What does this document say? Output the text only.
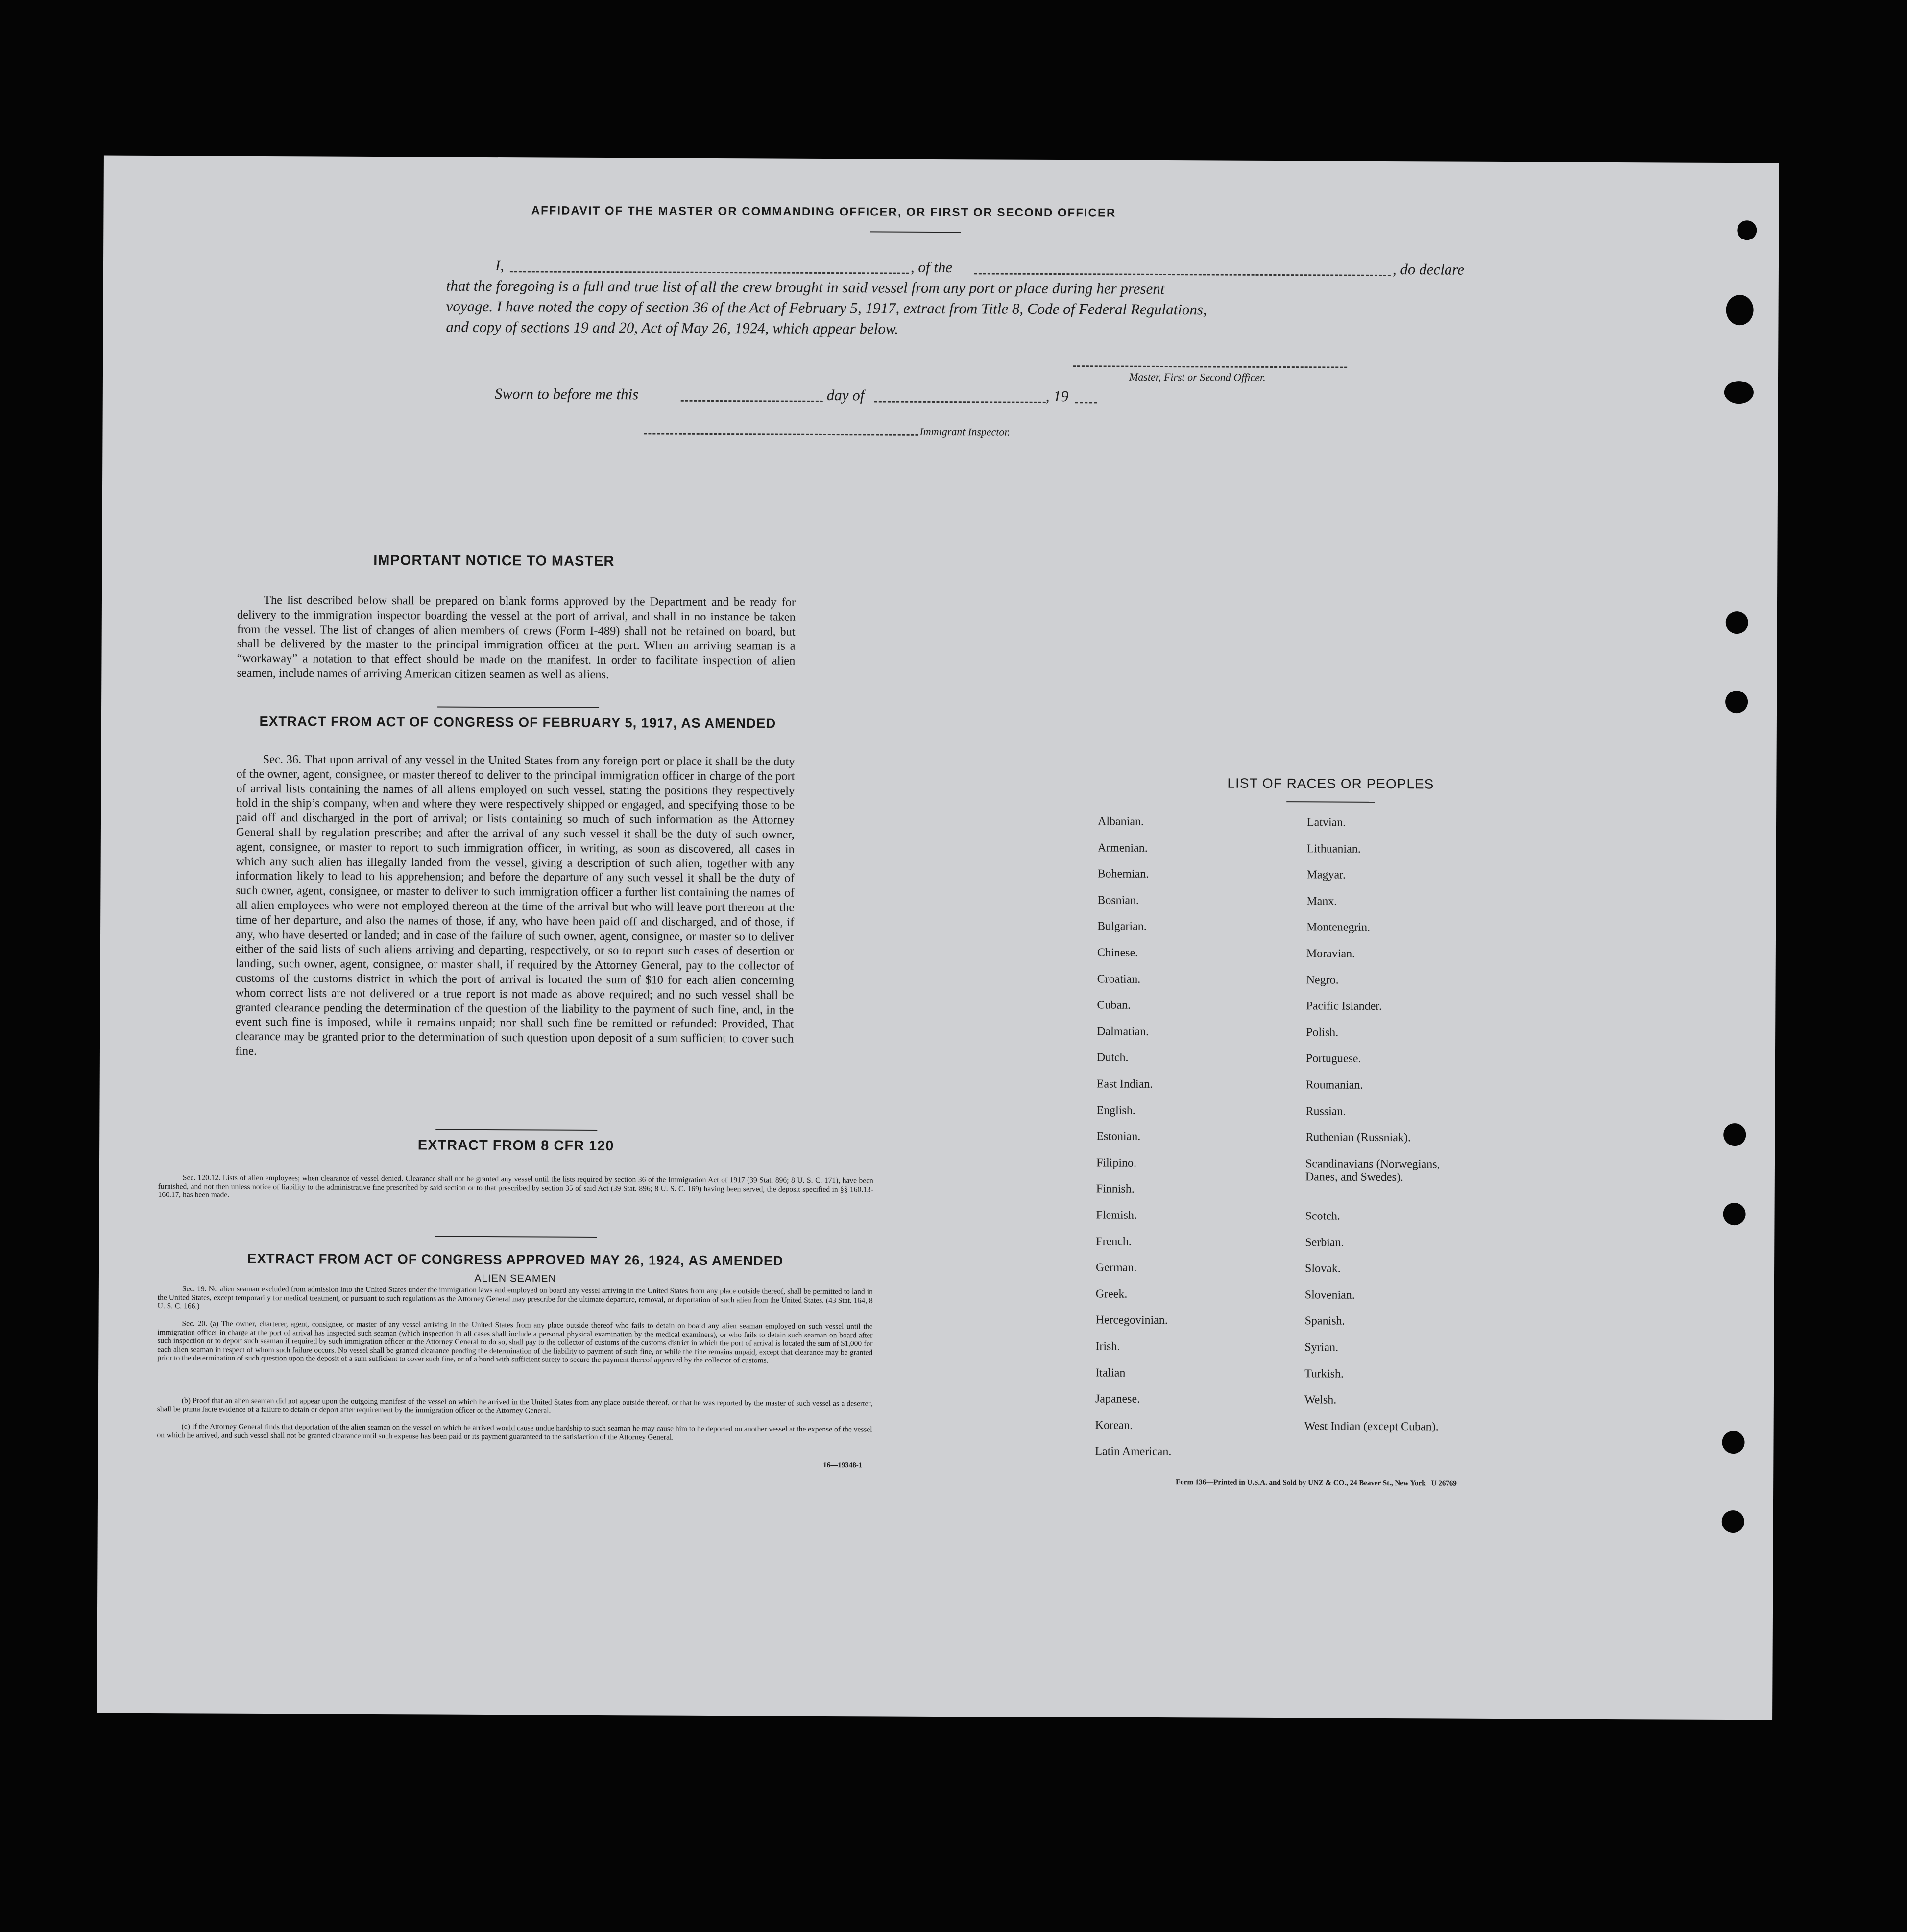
AFFIDAVIT OF THE MASTER OR COMMANDING OFFICER, OR FIRST OR SECOND OFFICER
I,	, of the	, do declare
that the foregoing is a full and true list of all the crew brought in said vessel from any port or place during her present
voyage. I have noted the copy of section 36 of the Act of February 5, 1917, extract from Title 8, Code of Federal Regulations,
and copy of sections 19 and 20, Act of May 26, 1924, which appear below.
Master, First or Second Officer.
Sworn to before me this	day of	, 19
Immigrant Inspector.
IMPORTANT NOTICE TO MASTER
The list described below shall be prepared on blank forms approved by the Department and be ready for delivery to the immigration inspector boarding the vessel at the port of arrival, and shall in no instance be taken from the vessel. The list of changes of alien members of crews (Form I-489) shall not be retained on board, but shall be delivered by the master to the principal immigration officer at the port. When an arriving seaman is a “workaway” a notation to that effect should be made on the manifest. In order to facilitate inspection of alien seamen, include names of arriving American citizen seamen as well as aliens.
EXTRACT FROM ACT OF CONGRESS OF FEBRUARY 5, 1917, AS AMENDED
Sec. 36. That upon arrival of any vessel in the United States from any foreign port or place it shall be the duty of the owner, agent, consignee, or master thereof to deliver to the principal immigration officer in charge of the port of arrival lists containing the names of all aliens employed on such vessel, stating the positions they respectively hold in the ship’s company, when and where they were respectively shipped or engaged, and specifying those to be paid off and discharged in the port of arrival; or lists containing so much of such information as the Attorney General shall by regulation prescribe; and after the arrival of any such vessel it shall be the duty of such owner, agent, consignee, or master to report to such immigration officer, in writing, as soon as discovered, all cases in which any such alien has illegally landed from the vessel, giving a description of such alien, together with any information likely to lead to his apprehension; and before the departure of any such vessel it shall be the duty of such owner, agent, consignee, or master to deliver to such immigration officer a further list containing the names of all alien employees who were not employed thereon at the time of the arrival but who will leave port thereon at the time of her departure, and also the names of those, if any, who have been paid off and discharged, and of those, if any, who have deserted or landed; and in case of the failure of such owner, agent, consignee, or master so to deliver either of the said lists of such aliens arriving and departing, respectively, or so to report such cases of desertion or landing, such owner, agent, consignee, or master shall, if required by the Attorney General, pay to the collector of customs of the customs district in which the port of arrival is located the sum of $10 for each alien concerning whom correct lists are not delivered or a true report is not made as above required; and no such vessel shall be granted clearance pending the determination of the question of the liability to the payment of such fine, and, in the event such fine is imposed, while it remains unpaid; nor shall such fine be remitted or refunded: Provided, That clearance may be granted prior to the determination of such question upon deposit of a sum sufficient to cover such fine.
EXTRACT FROM 8 CFR 120
Sec. 120.12. Lists of alien employees; when clearance of vessel denied. Clearance shall not be granted any vessel until the lists required by section 36 of the Immigration Act of 1917 (39 Stat. 896; 8 U. S. C. 171), have been furnished, and not then unless notice of liability to the administrative fine prescribed by said section or to that prescribed by section 35 of said Act (39 Stat. 896; 8 U. S. C. 169) having been served, the deposit specified in §§ 160.13-160.17, has been made.
EXTRACT FROM ACT OF CONGRESS APPROVED MAY 26, 1924, AS AMENDED
ALIEN SEAMEN
Sec. 19. No alien seaman excluded from admission into the United States under the immigration laws and employed on board any vessel arriving in the United States from any place outside thereof, shall be permitted to land in the United States, except temporarily for medical treatment, or pursuant to such regulations as the Attorney General may prescribe for the ultimate departure, removal, or deportation of such alien from the United States. (43 Stat. 164, 8 U. S. C. 166.)
Sec. 20. (a) The owner, charterer, agent, consignee, or master of any vessel arriving in the United States from any place outside thereof who fails to detain on board any alien seaman employed on such vessel until the immigration officer in charge at the port of arrival has inspected such seaman (which inspection in all cases shall include a personal physical examination by the medical examiners), or who fails to detain such seaman on board after such inspection or to deport such seaman if required by such immigration officer or the Attorney General to do so, shall pay to the collector of customs of the customs district in which the port of arrival is located the sum of $1,000 for each alien seaman in respect of whom such failure occurs. No vessel shall be granted clearance pending the determination of the liability to payment of such fine, or while the fine remains unpaid, except that clearance may be granted prior to the determination of such question upon the deposit of a sum sufficient to cover such fine, or of a bond with sufficient surety to secure the payment thereof approved by the collector of customs.
(b) Proof that an alien seaman did not appear upon the outgoing manifest of the vessel on which he arrived in the United States from any place outside thereof, or that he was reported by the master of such vessel as a deserter, shall be prima facie evidence of a failure to detain or deport after requirement by the immigration officer or the Attorney General.
(c) If the Attorney General finds that deportation of the alien seaman on the vessel on which he arrived would cause undue hardship to such seaman he may cause him to be deported on another vessel at the expense of the vessel on which he arrived, and such vessel shall not be granted clearance until such expense has been paid or its payment guaranteed to the satisfaction of the Attorney General.
16—19348-1
LIST OF RACES OR PEOPLES
Form 136—Printed in U.S.A. and Sold by UNZ & CO., 24 Beaver St., New York   U 26769
Albanian.
Armenian.
Bohemian.
Bosnian.
Bulgarian.
Chinese.
Croatian.
Cuban.
Dalmatian.
Dutch.
East Indian.
English.
Estonian.
Filipino.
Finnish.
Flemish.
French.
German.
Greek.
Hercegovinian.
Irish.
Italian
Japanese.
Korean.
Latin American.
Latvian.
Lithuanian.
Magyar.
Manx.
Montenegrin.
Moravian.
Negro.
Pacific Islander.
Polish.
Portuguese.
Roumanian.
Russian.
Ruthenian (Russniak).
Scandinavians (Norwegians,
Danes, and Swedes).
Scotch.
Serbian.
Slovak.
Slovenian.
Spanish.
Syrian.
Turkish.
Welsh.
West Indian (except Cuban).
